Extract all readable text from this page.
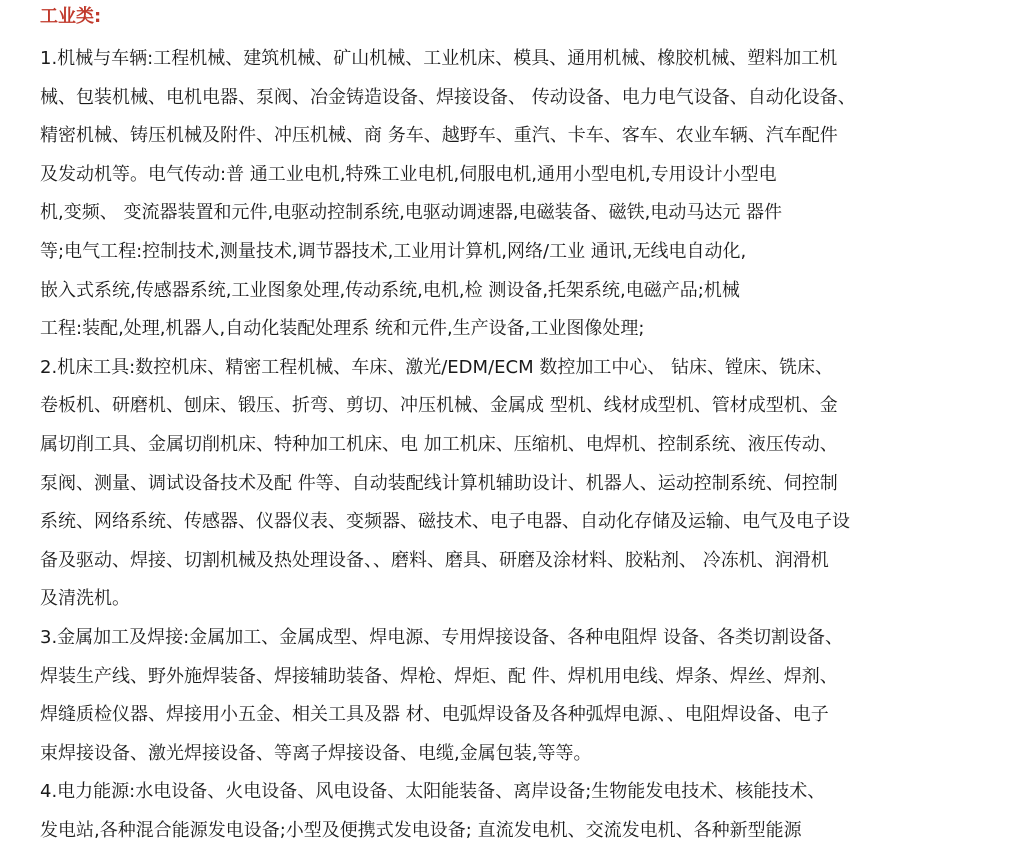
工业类:
1.机械与车辆:工程机械、建筑机械、矿山机械、工业机床、模具、通用机械、橡胶机械、塑料加工机
械、包装机械、电机电器、泵阀、冶金铸造设备、焊接设备、 传动设备、电力电气设备、自动化设备、
精密机械、铸压机械及附件、冲压机械、商 务车、越野车、重汽、卡车、客车、农业车辆、汽车配件
及发动机等。电气传动:普 通工业电机,特殊工业电机,伺服电机,通用小型电机,专用设计小型电
机,变频、 变流器装置和元件,电驱动控制系统,电驱动调速器,电磁装备、磁铁,电动马达元 器件
等;电气工程:控制技术,测量技术,调节器技术,工业用计算机,网络/工业 通讯,无线电自动化,
嵌入式系统,传感器系统,工业图象处理,传动系统,电机,检 测设备,托架系统,电磁产品;机械
工程:装配,处理,机器人,自动化装配处理系 统和元件,生产设备,工业图像处理;
2.机床工具:数控机床、精密工程机械、车床、激光/EDM/ECM 数控加工中心、 钻床、镗床、铣床、
卷板机、研磨机、刨床、锻压、折弯、剪切、冲压机械、金属成 型机、线材成型机、管材成型机、金
属切削工具、金属切削机床、特种加工机床、电 加工机床、压缩机、电焊机、控制系统、液压传动、
泵阀、测量、调试设备技术及配 件等、自动装配线计算机辅助设计、机器人、运动控制系统、伺控制
系统、网络系统、传感器、仪器仪表、变频器、磁技术、电子电器、自动化存储及运输、电气及电子设
备及驱动、焊接、切割机械及热处理设备、、磨料、磨具、研磨及涂材料、胶粘剂、 冷冻机、润滑机
及清洗机。
3.金属加工及焊接:金属加工、金属成型、焊电源、专用焊接设备、各种电阻焊 设备、各类切割设备、
焊装生产线、野外施焊装备、焊接辅助装备、焊枪、焊炬、配 件、焊机用电线、焊条、焊丝、焊剂、
焊缝质检仪器、焊接用小五金、相关工具及器 材、电弧焊设备及各种弧焊电源、、电阻焊设备、电子
束焊接设备、激光焊接设备、等离子焊接设备、电缆,金属包装,等等。
4.电力能源:水电设备、火电设备、风电设备、太阳能装备、离岸设备;生物能发电技术、核能技术、
发电站,各种混合能源发电设备;小型及便携式发电设备; 直流发电机、交流发电机、各种新型能源
